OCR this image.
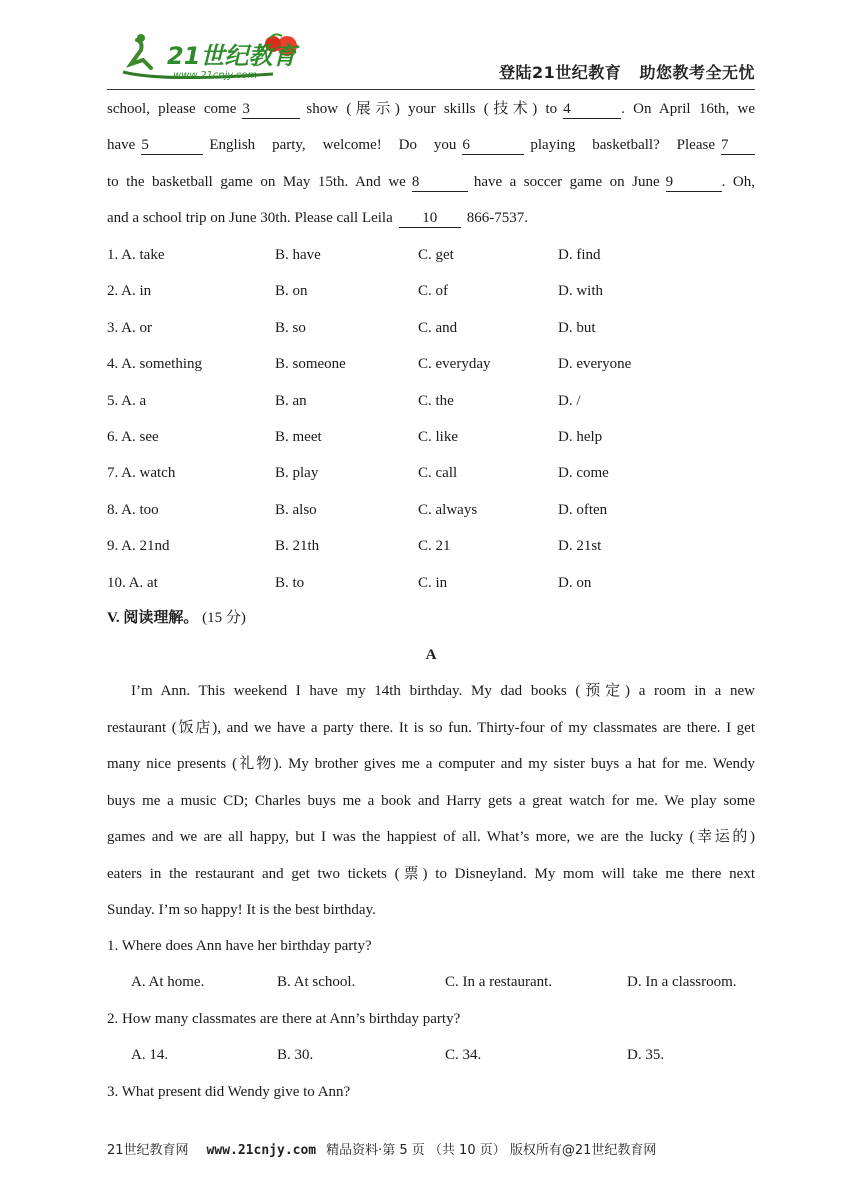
21世纪教育
www.21cnjy.com	登陆21世纪教育   助您教考全无忧
school, please come 3	show (展示) your skills (技术) to 4	. On April 16th, we
have 5	English party, welcome! Do you 6	playing basketball? Please 7
to the basketball game on May 15th. And we 8	have a soccer game on June 9	. Oh,
and a school trip on June 30th. Please call Leila 10 866-7537.
1. A. take	B. have	C. get	D. find
2. A. in	B. on	C. of	D. with
3. A. or	B. so	C. and	D. but
4. A. something	B. someone	C. everyday	D. everyone
5. A. a	B. an	C. the	D. /
6. A. see	B. meet	C. like	D. help
7. A. watch	B. play	C. call	D. come
8. A. too	B. also	C. always	D. often
9. A. 21nd	B. 21th	C. 21	D. 21st
10. A. at	B. to	C. in	D. on
V. 阅读理解。 (15 分)
A
I’m Ann. This weekend I have my 14th birthday. My dad books (预定) a room in a new
restaurant (饭店), and we have a party there. It is so fun. Thirty-four of my classmates are there. I get
many nice presents (礼物). My brother gives me a computer and my sister buys a hat for me. Wendy
buys me a music CD; Charles buys me a book and Harry gets a great watch for me. We play some
games and we are all happy, but I was the happiest of all. What’s more, we are the lucky (幸运的)
eaters in the restaurant and get two tickets (票) to Disneyland. My mom will take me there next
Sunday. I’m so happy! It is the best birthday.
1. Where does Ann have her birthday party?
A. At home.	B. At school.	C. In a restaurant.	D. In a classroom.
2. How many classmates are there at Ann’s birthday party?
A. 14.	B. 30.	C. 34.	D. 35.
3. What present did Wendy give to Ann?
21世纪教育网 www.21cnjy.com 精品资料·第 5 页 （共 10 页） 版权所有@21世纪教育网
